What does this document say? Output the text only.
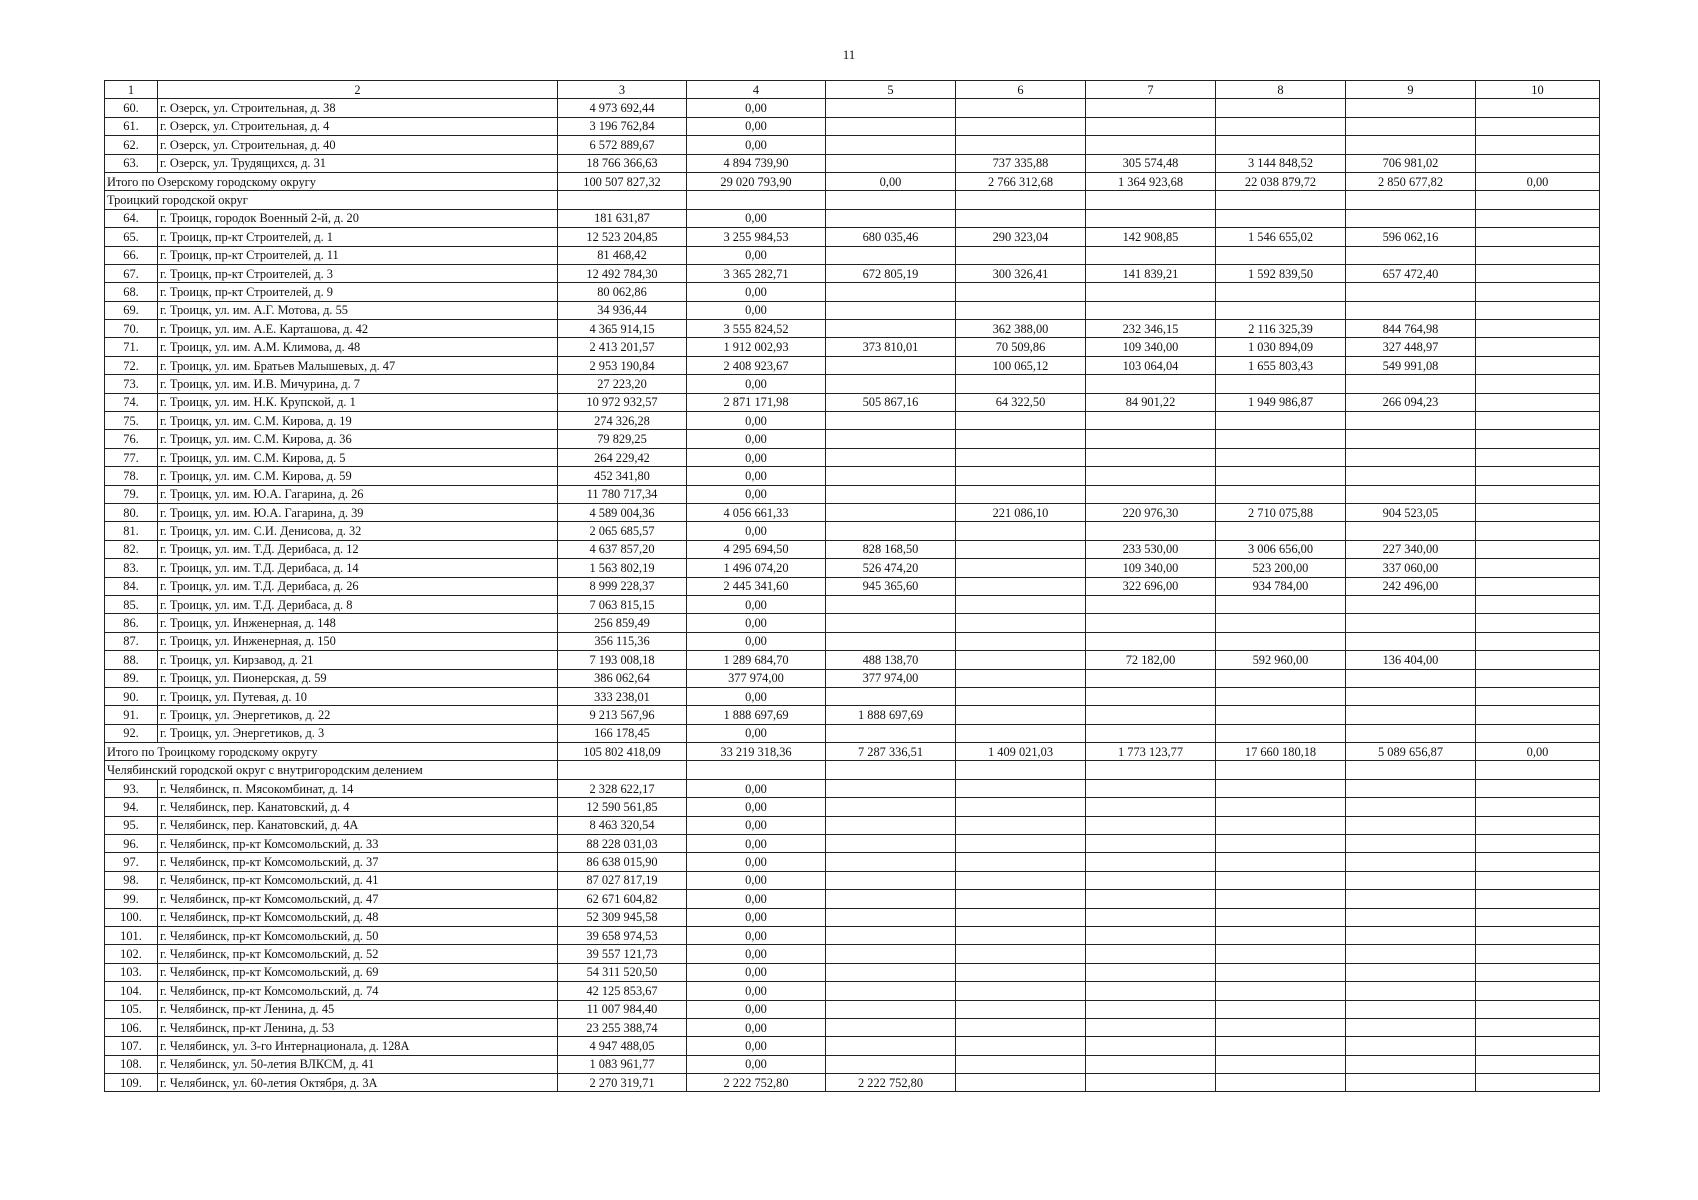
11
1	2	3	4	5	6	7	8	9	10
60.	г. Озерск, ул. Строительная, д. 38	4 973 692,44	0,00						
61.	г. Озерск, ул. Строительная, д. 4	3 196 762,84	0,00						
62.	г. Озерск, ул. Строительная, д. 40	6 572 889,67	0,00						
63.	г. Озерск, ул. Трудящихся, д. 31	18 766 366,63	4 894 739,90		737 335,88	305 574,48	3 144 848,52	706 981,02	
Итого по Озерскому городскому округу		100 507 827,32	29 020 793,90	0,00	2 766 312,68	1 364 923,68	22 038 879,72	2 850 677,82	0,00
Троицкий городской округ									
64.	г. Троицк, городок Военный 2-й, д. 20	181 631,87	0,00						
65.	г. Троицк, пр-кт Строителей, д. 1	12 523 204,85	3 255 984,53	680 035,46	290 323,04	142 908,85	1 546 655,02	596 062,16	
66.	г. Троицк, пр-кт Строителей, д. 11	81 468,42	0,00						
67.	г. Троицк, пр-кт Строителей, д. 3	12 492 784,30	3 365 282,71	672 805,19	300 326,41	141 839,21	1 592 839,50	657 472,40	
68.	г. Троицк, пр-кт Строителей, д. 9	80 062,86	0,00						
69.	г. Троицк, ул. им. А.Г. Мотова, д. 55	34 936,44	0,00						
70.	г. Троицк, ул. им. А.Е. Карташова, д. 42	4 365 914,15	3 555 824,52		362 388,00	232 346,15	2 116 325,39	844 764,98	
71.	г. Троицк, ул. им. А.М. Климова, д. 48	2 413 201,57	1 912 002,93	373 810,01	70 509,86	109 340,00	1 030 894,09	327 448,97	
72.	г. Троицк, ул. им. Братьев Малышевых, д. 47	2 953 190,84	2 408 923,67		100 065,12	103 064,04	1 655 803,43	549 991,08	
73.	г. Троицк, ул. им. И.В. Мичурина, д. 7	27 223,20	0,00						
74.	г. Троицк, ул. им. Н.К. Крупской, д. 1	10 972 932,57	2 871 171,98	505 867,16	64 322,50	84 901,22	1 949 986,87	266 094,23	
75.	г. Троицк, ул. им. С.М. Кирова, д. 19	274 326,28	0,00						
76.	г. Троицк, ул. им. С.М. Кирова, д. 36	79 829,25	0,00						
77.	г. Троицк, ул. им. С.М. Кирова, д. 5	264 229,42	0,00						
78.	г. Троицк, ул. им. С.М. Кирова, д. 59	452 341,80	0,00						
79.	г. Троицк, ул. им. Ю.А. Гагарина, д. 26	11 780 717,34	0,00						
80.	г. Троицк, ул. им. Ю.А. Гагарина, д. 39	4 589 004,36	4 056 661,33		221 086,10	220 976,30	2 710 075,88	904 523,05	
81.	г. Троицк, ул. им. С.И. Денисова, д. 32	2 065 685,57	0,00						
82.	г. Троицк, ул. им. Т.Д. Дерибаса, д. 12	4 637 857,20	4 295 694,50	828 168,50		233 530,00	3 006 656,00	227 340,00	
83.	г. Троицк, ул. им. Т.Д. Дерибаса, д. 14	1 563 802,19	1 496 074,20	526 474,20		109 340,00	523 200,00	337 060,00	
84.	г. Троицк, ул. им. Т.Д. Дерибаса, д. 26	8 999 228,37	2 445 341,60	945 365,60		322 696,00	934 784,00	242 496,00	
85.	г. Троицк, ул. им. Т.Д. Дерибаса, д. 8	7 063 815,15	0,00						
86.	г. Троицк, ул. Инженерная, д. 148	256 859,49	0,00						
87.	г. Троицк, ул. Инженерная, д. 150	356 115,36	0,00						
88.	г. Троицк, ул. Кирзавод, д. 21	7 193 008,18	1 289 684,70	488 138,70		72 182,00	592 960,00	136 404,00	
89.	г. Троицк, ул. Пионерская, д. 59	386 062,64	377 974,00	377 974,00					
90.	г. Троицк, ул. Путевая, д. 10	333 238,01	0,00						
91.	г. Троицк, ул. Энергетиков, д. 22	9 213 567,96	1 888 697,69	1 888 697,69					
92.	г. Троицк, ул. Энергетиков, д. 3	166 178,45	0,00						
Итого по Троицкому городскому округу		105 802 418,09	33 219 318,36	7 287 336,51	1 409 021,03	1 773 123,77	17 660 180,18	5 089 656,87	0,00
Челябинский городской округ с внутригородским делением									
93.	г. Челябинск, п. Мясокомбинат, д. 14	2 328 622,17	0,00						
94.	г. Челябинск, пер. Канатовский, д. 4	12 590 561,85	0,00						
95.	г. Челябинск, пер. Канатовский, д. 4А	8 463 320,54	0,00						
96.	г. Челябинск, пр-кт Комсомольский, д. 33	88 228 031,03	0,00						
97.	г. Челябинск, пр-кт Комсомольский, д. 37	86 638 015,90	0,00						
98.	г. Челябинск, пр-кт Комсомольский, д. 41	87 027 817,19	0,00						
99.	г. Челябинск, пр-кт Комсомольский, д. 47	62 671 604,82	0,00						
100.	г. Челябинск, пр-кт Комсомольский, д. 48	52 309 945,58	0,00						
101.	г. Челябинск, пр-кт Комсомольский, д. 50	39 658 974,53	0,00						
102.	г. Челябинск, пр-кт Комсомольский, д. 52	39 557 121,73	0,00						
103.	г. Челябинск, пр-кт Комсомольский, д. 69	54 311 520,50	0,00						
104.	г. Челябинск, пр-кт Комсомольский, д. 74	42 125 853,67	0,00						
105.	г. Челябинск, пр-кт Ленина, д. 45	11 007 984,40	0,00						
106.	г. Челябинск, пр-кт Ленина, д. 53	23 255 388,74	0,00						
107.	г. Челябинск, ул. 3-го Интернационала, д. 128А	4 947 488,05	0,00						
108.	г. Челябинск, ул. 50-летия ВЛКСМ, д. 41	1 083 961,77	0,00						
109.	г. Челябинск, ул. 60-летия Октября, д. 3А	2 270 319,71	2 222 752,80	2 222 752,80					
